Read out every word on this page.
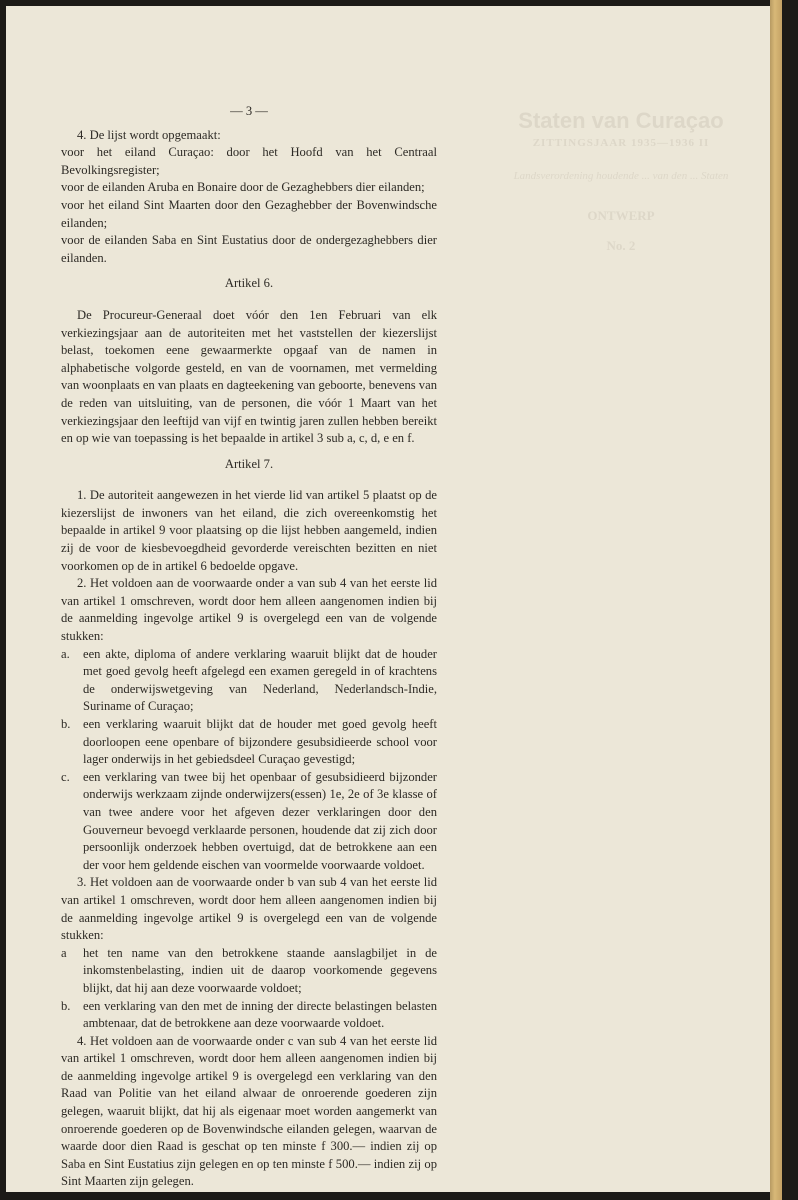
Staten van Curaçao
ZITTINGSJAAR 1935—1936 II
Landsverordening houdende ... van den ... Staten
ONTWERP
No. 2
— 3 —

4. De lijst wordt opgemaakt:

voor het eiland Curaçao: door het Hoofd van het Centraal Bevolkingsregister;

voor de eilanden Aruba en Bonaire door de Gezaghebbers dier eilanden;

voor het eiland Sint Maarten door den Gezaghebber der Bovenwindsche eilanden;

voor de eilanden Saba en Sint Eustatius door de ondergezaghebbers dier eilanden.

Artikel 6.

De Procureur-Generaal doet vóór den 1en Februari van elk verkiezingsjaar aan de autoriteiten met het vaststellen der kiezerslijst belast, toekomen eene gewaarmerkte opgaaf van de namen in alphabetische volgorde gesteld, en van de voornamen, met vermelding van woonplaats en van plaats en dagteekening van geboorte, benevens van de reden van uitsluiting, van de personen, die vóór 1 Maart van het verkiezingsjaar den leeftijd van vijf en twintig jaren zullen hebben bereikt en op wie van toepassing is het bepaalde in artikel 3 sub a, c, d, e en f.

Artikel 7.

1. De autoriteit aangewezen in het vierde lid van artikel 5 plaatst op de kiezerslijst de inwoners van het eiland, die zich overeenkomstig het bepaalde in artikel 9 voor plaatsing op die lijst hebben aangemeld, indien zij de voor de kiesbevoegdheid gevorderde vereischten bezitten en niet voorkomen op de in artikel 6 bedoelde opgave.

2. Het voldoen aan de voorwaarde onder a van sub 4 van het eerste lid van artikel 1 omschreven, wordt door hem alleen aangenomen indien bij de aanmelding ingevolge artikel 9 is overgelegd een van de volgende stukken:

a.	een akte, diploma of andere verklaring waaruit blijkt dat de houder met goed gevolg heeft afgelegd een examen geregeld in of krachtens de onderwijswetgeving van Nederland, Nederlandsch-Indie, Suriname of Curaçao;
b. een verklaring waaruit blijkt dat de houder met goed gevolg heeft doorloopen eene openbare of bijzondere gesubsidieerde school voor lager onderwijs in het gebiedsdeel Curaçao gevestigd;
c.	een verklaring van twee bij het openbaar of gesubsidieerd bijzonder onderwijs werkzaam zijnde onderwijzers(essen) 1e, 2e of 3e klasse of van twee andere voor het afgeven dezer verklaringen door den Gouverneur bevoegd verklaarde personen, houdende dat zij zich door persoonlijk onderzoek hebben overtuigd, dat de betrokkene aan een der voor hem geldende eischen van voormelde voorwaarde voldoet.

3. Het voldoen aan de voorwaarde onder b van sub 4 van het eerste lid van artikel 1 omschreven, wordt door hem alleen aangenomen indien bij de aanmelding ingevolge artikel 9 is overgelegd een van de volgende stukken:

a	het ten name van den betrokkene staande aanslagbiljet in de inkomstenbelasting, indien uit de daarop voorkomende gegevens blijkt, dat hij aan deze voorwaarde voldoet;
b. een verklaring van den met de inning der directe belastingen belasten ambtenaar, dat de betrokkene aan deze voorwaarde voldoet.

4. Het voldoen aan de voorwaarde onder c van sub 4 van het eerste lid van artikel 1 omschreven, wordt door hem alleen aangenomen indien bij de aanmelding ingevolge artikel 9 is overgelegd een verklaring van den Raad van Politie van het eiland alwaar de onroerende goederen zijn gelegen, waaruit blijkt, dat hij als eigenaar moet worden aangemerkt van onroerende goederen op de Bovenwindsche eilanden gelegen, waarvan de waarde door dien Raad is geschat op ten minste f 300.— indien zij op Saba en Sint Eustatius zijn gelegen en op ten minste f 500.— indien zij op Sint Maarten zijn gelegen.
